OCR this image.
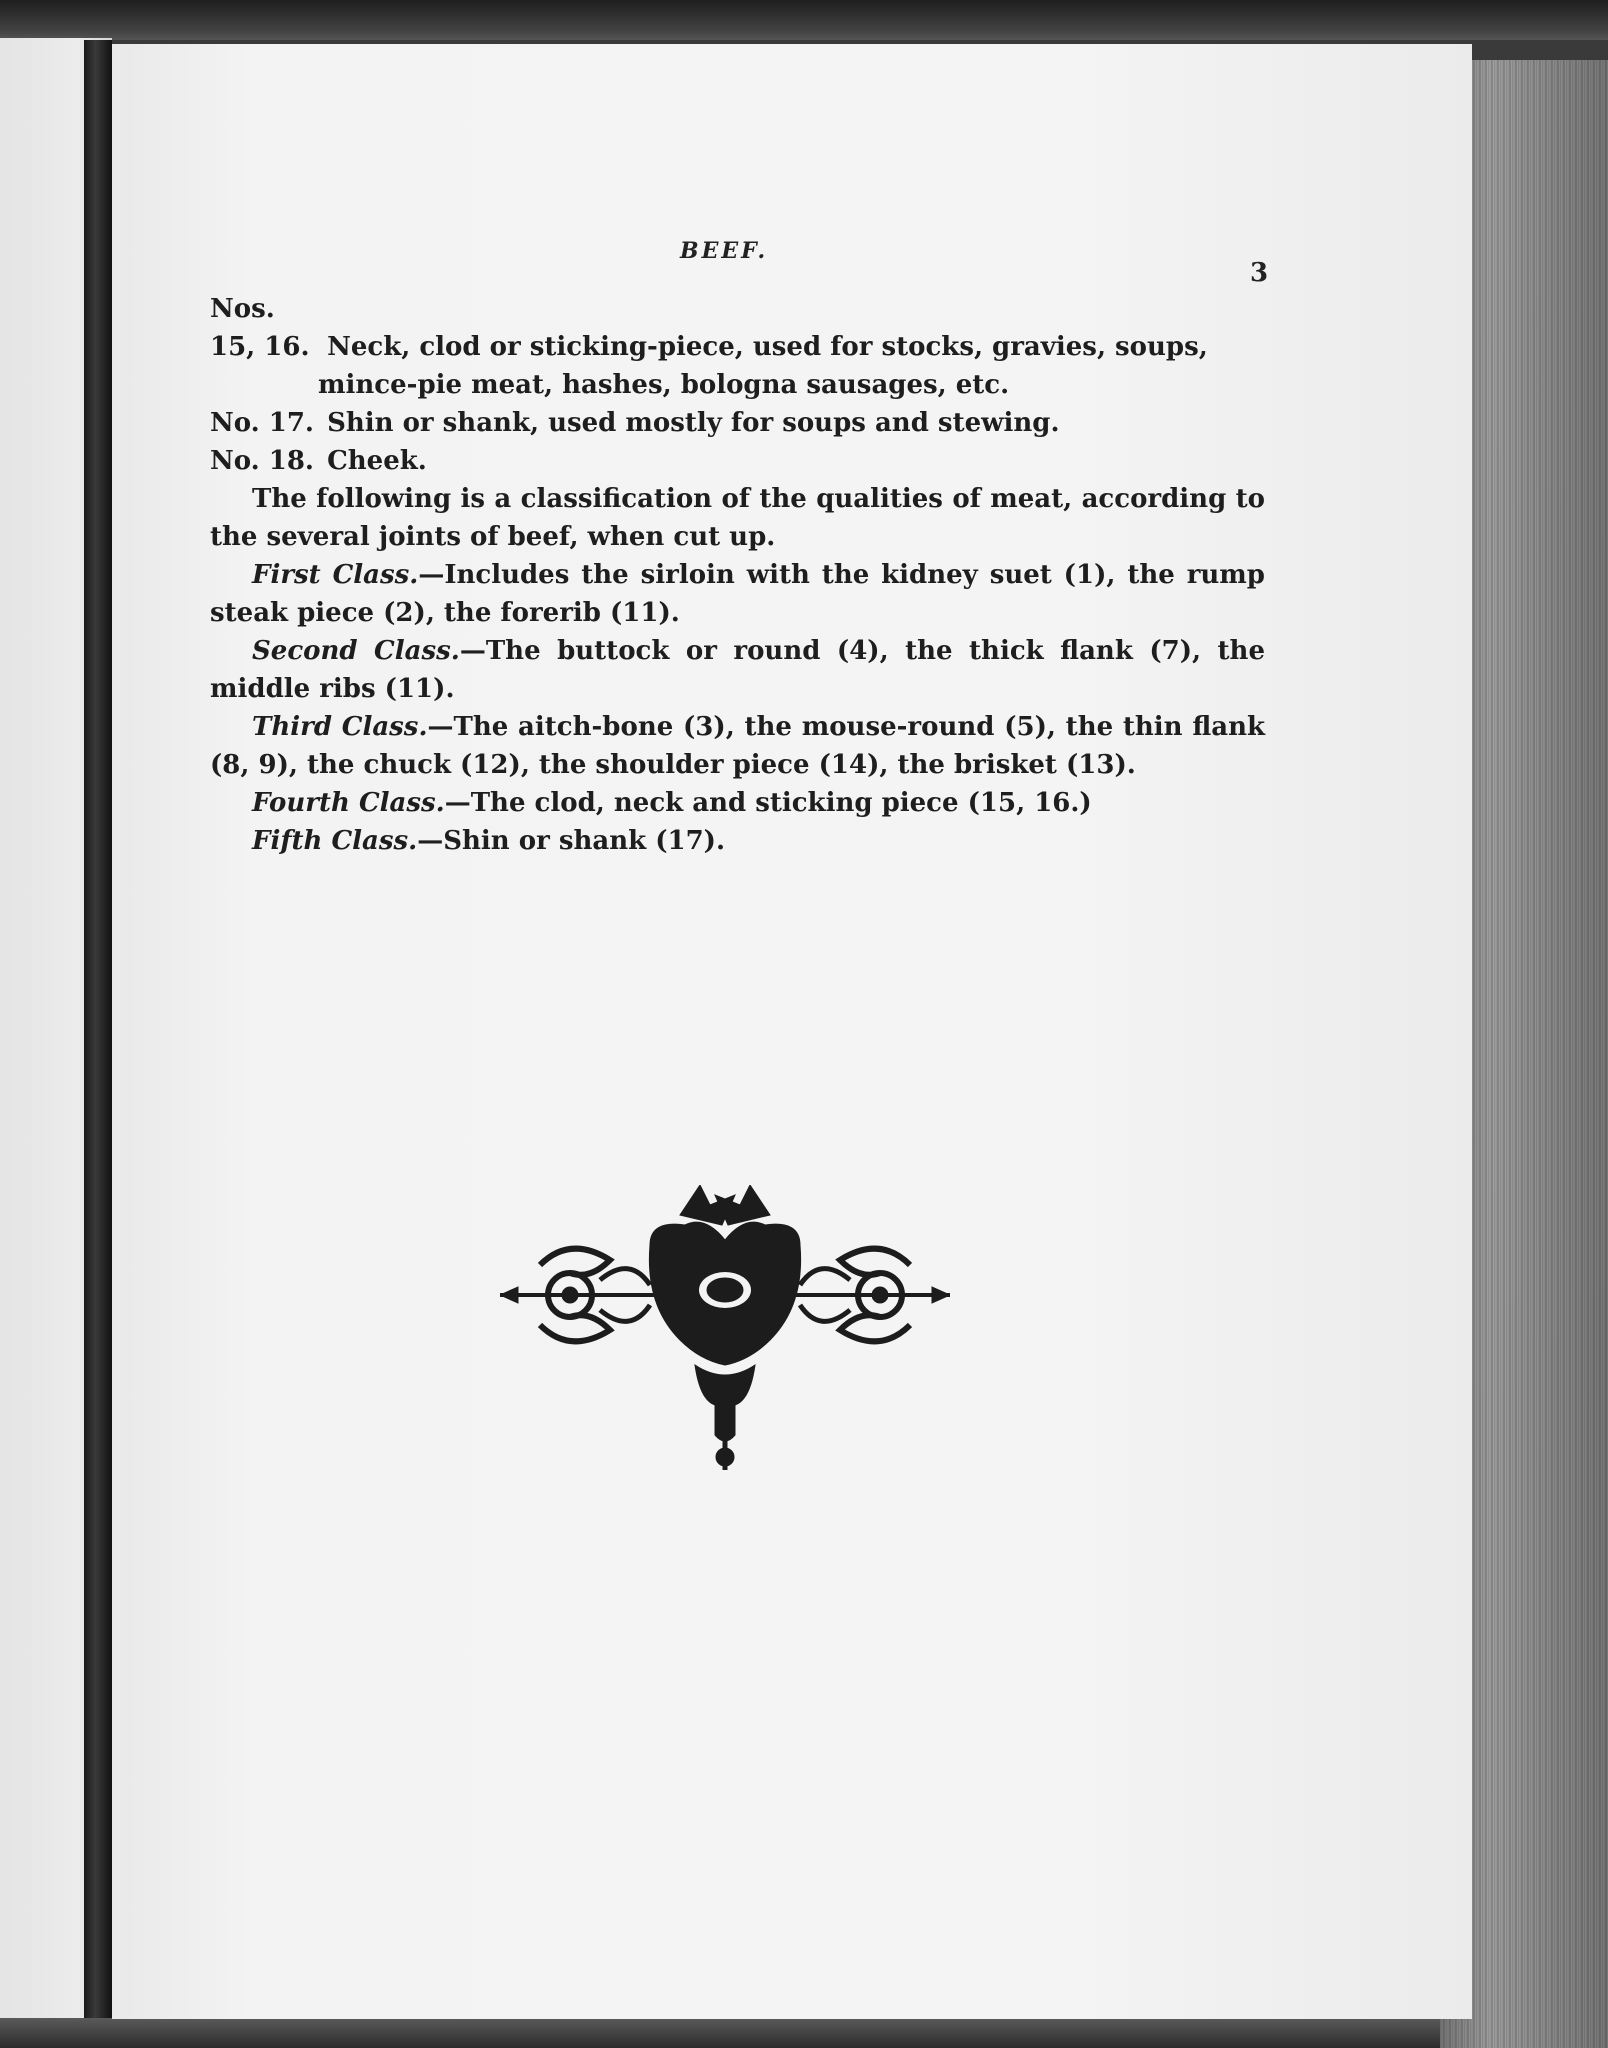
BEEF.
3

Nos. 15, 16. Neck, clod or sticking-piece, used for stocks, gravies, soups, mince-pie meat, hashes, bologna sausages, etc.

No. 17. Shin or shank, used mostly for soups and stewing.

No. 18. Cheek.

The following is a classification of the qualities of meat, according to the several joints of beef, when cut up.

First Class.—Includes the sirloin with the kidney suet (1), the rump steak piece (2), the forerib (11).

Second Class.—The buttock or round (4), the thick flank (7), the middle ribs (11).

Third Class.—The aitch-bone (3), the mouse-round (5), the thin flank (8, 9), the chuck (12), the shoulder piece (14), the brisket (13).

Fourth Class.—The clod, neck and sticking piece (15, 16.)

Fifth Class.—Shin or shank (17).
